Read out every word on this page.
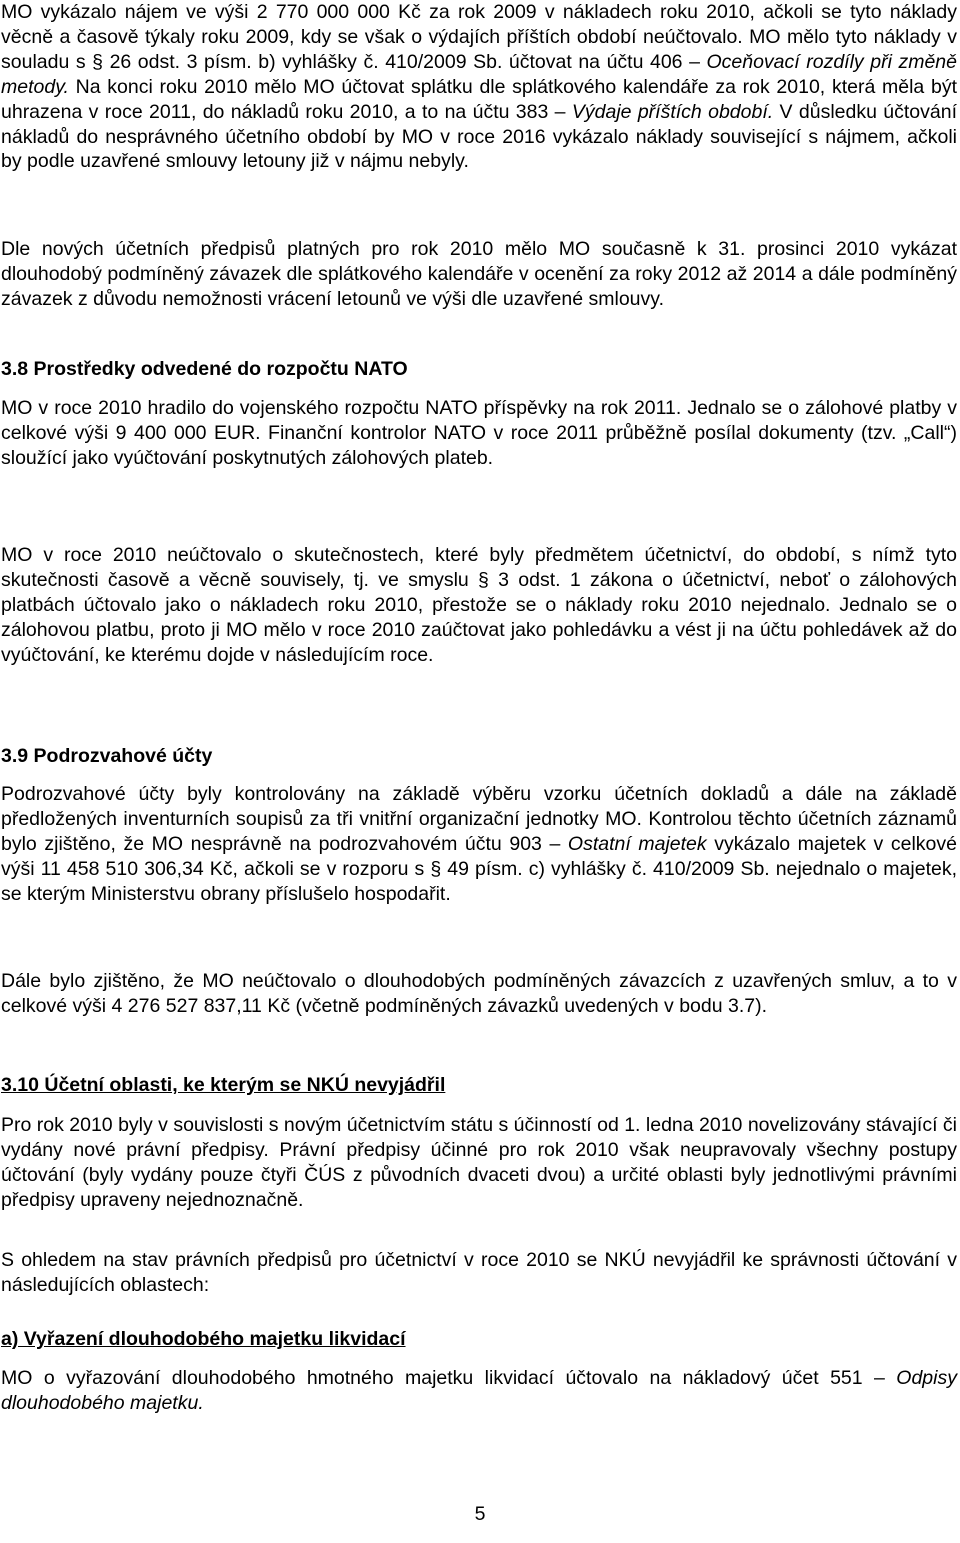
MO vykázalo nájem ve výši 2 770 000 000 Kč za rok 2009 v nákladech roku 2010, ačkoli se tyto náklady věcně a časově týkaly roku 2009, kdy se však o výdajích příštích období neúčtovalo. MO mělo tyto náklady v souladu s § 26 odst. 3 písm. b) vyhlášky č. 410/2009 Sb. účtovat na účtu 406 – Oceňovací rozdíly při změně metody. Na konci roku 2010 mělo MO účtovat splátku dle splátkového kalendáře za rok 2010, která měla být uhrazena v roce 2011, do nákladů roku 2010, a to na účtu 383 – Výdaje příštích období. V důsledku účtování nákladů do nesprávného účetního období by MO v roce 2016 vykázalo náklady související s nájmem, ačkoli by podle uzavřené smlouvy letouny již v nájmu nebyly.

Dle nových účetních předpisů platných pro rok 2010 mělo MO současně k 31. prosinci 2010 vykázat dlouhodobý podmíněný závazek dle splátkového kalendáře v ocenění za roky 2012 až 2014 a dále podmíněný závazek z důvodu nemožnosti vrácení letounů ve výši dle uzavřené smlouvy.

3.8 Prostředky odvedené do rozpočtu NATO

MO v roce 2010 hradilo do vojenského rozpočtu NATO příspěvky na rok 2011. Jednalo se o zálohové platby v celkové výši 9 400 000 EUR. Finanční kontrolor NATO v roce 2011 průběžně posílal dokumenty (tzv. „Call“) sloužící jako vyúčtování poskytnutých zálohových plateb.

MO v roce 2010 neúčtovalo o skutečnostech, které byly předmětem účetnictví, do období, s nímž tyto skutečnosti časově a věcně souvisely, tj. ve smyslu § 3 odst. 1 zákona o účetnictví, neboť o zálohových platbách účtovalo jako o nákladech roku 2010, přestože se o náklady roku 2010 nejednalo. Jednalo se o zálohovou platbu, proto ji MO mělo v roce 2010 zaúčtovat jako pohledávku a vést ji na účtu pohledávek až do vyúčtování, ke kterému dojde v následujícím roce.

3.9 Podrozvahové účty

Podrozvahové účty byly kontrolovány na základě výběru vzorku účetních dokladů a dále na základě předložených inventurních soupisů za tři vnitřní organizační jednotky MO. Kontrolou těchto účetních záznamů bylo zjištěno, že MO nesprávně na podrozvahovém účtu 903 – Ostatní majetek vykázalo majetek v celkové výši 11 458 510 306,34 Kč, ačkoli se v rozporu s § 49 písm. c) vyhlášky č. 410/2009 Sb. nejednalo o majetek, se kterým Ministerstvu obrany příslušelo hospodařit.

Dále bylo zjištěno, že MO neúčtovalo o dlouhodobých podmíněných závazcích z uzavřených smluv, a to v celkové výši 4 276 527 837,11 Kč (včetně podmíněných závazků uvedených v bodu 3.7).

3.10 Účetní oblasti, ke kterým se NKÚ nevyjádřil

Pro rok 2010 byly v souvislosti s novým účetnictvím státu s účinností od 1. ledna 2010 novelizovány stávající či vydány nové právní předpisy. Právní předpisy účinné pro rok 2010 však neupravovaly všechny postupy účtování (byly vydány pouze čtyři ČÚS z původních dvaceti dvou) a určité oblasti byly jednotlivými právními předpisy upraveny nejednoznačně.

S ohledem na stav právních předpisů pro účetnictví v roce 2010 se NKÚ nevyjádřil ke správnosti účtování v následujících oblastech:

a) Vyřazení dlouhodobého majetku likvidací

MO o vyřazování dlouhodobého hmotného majetku likvidací účtovalo na nákladový účet 551 – Odpisy dlouhodobého majetku.

5
